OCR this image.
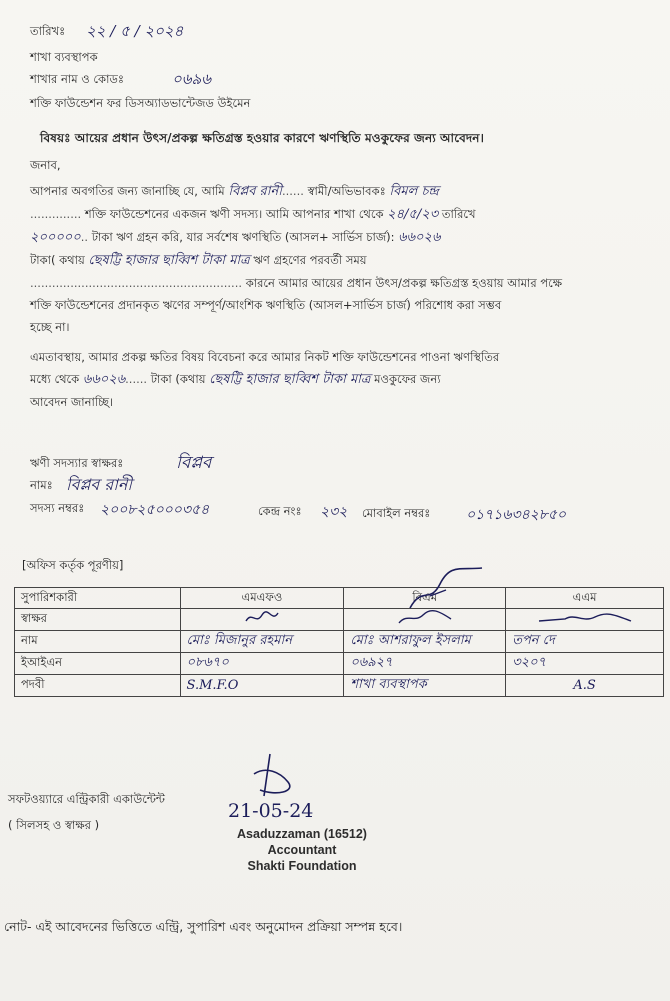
তারিখঃ ২২ / ৫ / ২০২৪
শাখা ব্যবস্থাপক
শাখার নাম ও কোডঃ	০৬৯৬
শক্তি ফাউন্ডেশন ফর ডিসঅ্যাডভান্টেজড উইমেন
বিষয়ঃ আয়ের প্রধান উৎস/প্রকল্প ক্ষতিগ্রস্ত হওয়ার কারণে ঋণস্থিতি মওকুফের জন্য আবেদন।
জনাব,
আপনার অবগতির জন্য জানাচ্ছি যে, আমি বিপ্লব রানী...... স্বামী/অভিভাবকঃ বিমল চন্দ্র
.............. শক্তি ফাউন্ডেশনের একজন ঋণী সদস্য। আমি আপনার শাখা থেকে ২৪/৫/২৩ তারিখে
২০০০০০.. টাকা ঋণ গ্রহন করি, যার সর্বশেষ ঋণস্থিতি (আসল+ সার্ভিস চার্জ): ৬৬০২৬
টাকা( কথায় ছেষট্টি হাজার ছাব্বিশ টাকা মাত্র ঋণ গ্রহণের পরবর্তী সময়
.......................................................... কারনে আমার আয়ের প্রধান উৎস/প্রকল্প ক্ষতিগ্রস্ত হওয়ায় আমার পক্ষে
শক্তি ফাউন্ডেশনের প্রদানকৃত ঋণের সম্পূর্ণ/আংশিক ঋণস্থিতি (আসল+সার্ভিস চার্জ) পরিশোধ করা সম্ভব
হচ্ছে না।
এমতাবস্থায়, আমার প্রকল্প ক্ষতির বিষয় বিবেচনা করে আমার নিকট শক্তি ফাউন্ডেশনের পাওনা ঋণস্থিতির
মধ্যে থেকে ৬৬০২৬...... টাকা (কথায় ছেষট্টি হাজার ছাব্বিশ টাকা মাত্র মওকুফের জন্য
আবেদন জানাচ্ছি।
ঋণী সদস্যার স্বাক্ষরঃ	বিপ্লব
নামঃ বিপ্লব রানী
সদস্য নম্বরঃ ২০০৮২৫০০০৩৫৪	কেন্দ্র নংঃ ২৩২ মোবাইল নম্বরঃ	০১৭১৬৩৪২৮৫০
[অফিস কর্তৃক পূরণীয়]
সুপারিশকারী	এমএফও	বিএম	এএম
স্বাক্ষর			
নাম	মোঃ মিজানুর রহমান	মোঃ আশরাফুল ইসলাম	তপন দে
ইআইএন	০৮৬৭০	০৬৯২৭	৩২০৭
পদবী	S.M.F.O	শাখা ব্যবস্থাপক	A.S
সফটওয়্যারে এন্ট্রিকারী একাউন্টেন্ট
( সিলসহ ও স্বাক্ষর )
21-05-24
Asaduzzaman (16512)
Accountant
Shakti Foundation
নোট- এই আবেদনের ভিত্তিতে এন্ট্রি, সুপারিশ এবং অনুমোদন প্রক্রিয়া সম্পন্ন হবে।
